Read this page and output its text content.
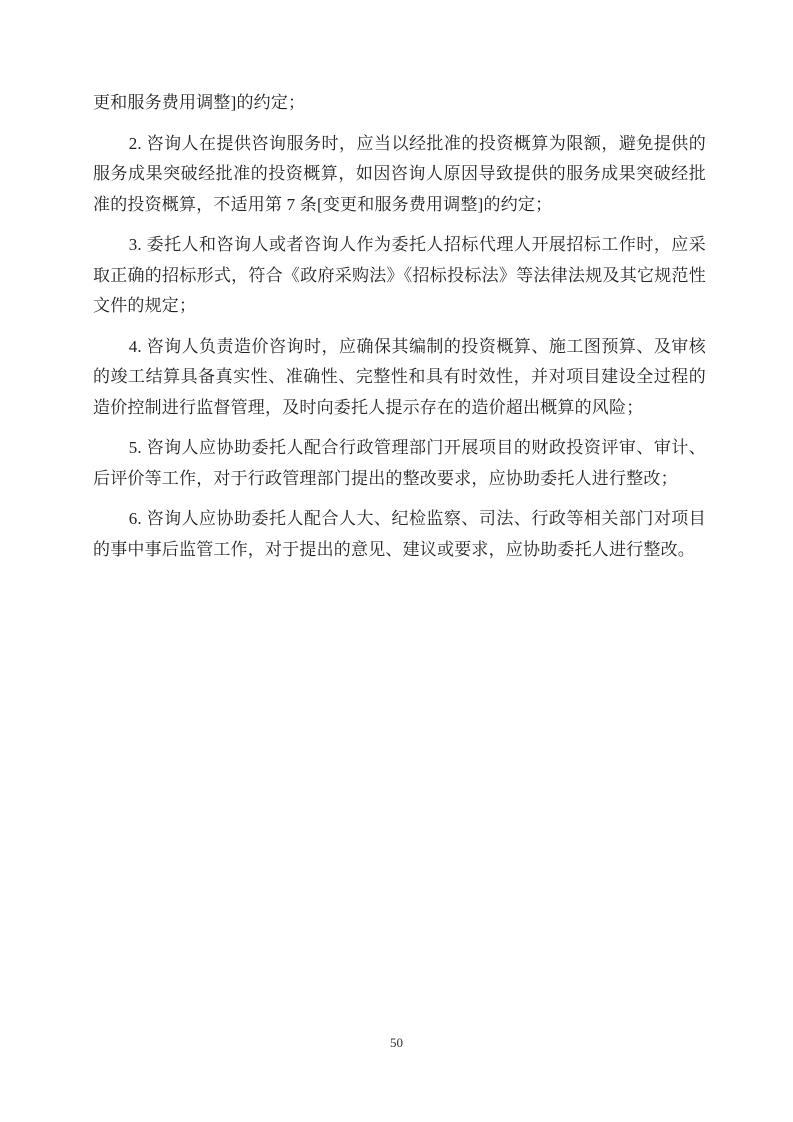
更和服务费用调整]的约定；

2. 咨询人在提供咨询服务时，应当以经批准的投资概算为限额，避免提供的服务成果突破经批准的投资概算，如因咨询人原因导致提供的服务成果突破经批准的投资概算，不适用第 7 条[变更和服务费用调整]的约定；

3. 委托人和咨询人或者咨询人作为委托人招标代理人开展招标工作时，应采取正确的招标形式，符合《政府采购法》《招标投标法》等法律法规及其它规范性文件的规定；

4. 咨询人负责造价咨询时，应确保其编制的投资概算、施工图预算、及审核的竣工结算具备真实性、准确性、完整性和具有时效性，并对项目建设全过程的造价控制进行监督管理，及时向委托人提示存在的造价超出概算的风险；

5. 咨询人应协助委托人配合行政管理部门开展项目的财政投资评审、审计、后评价等工作，对于行政管理部门提出的整改要求，应协助委托人进行整改；

6. 咨询人应协助委托人配合人大、纪检监察、司法、行政等相关部门对项目的事中事后监管工作，对于提出的意见、建议或要求，应协助委托人进行整改。

50
